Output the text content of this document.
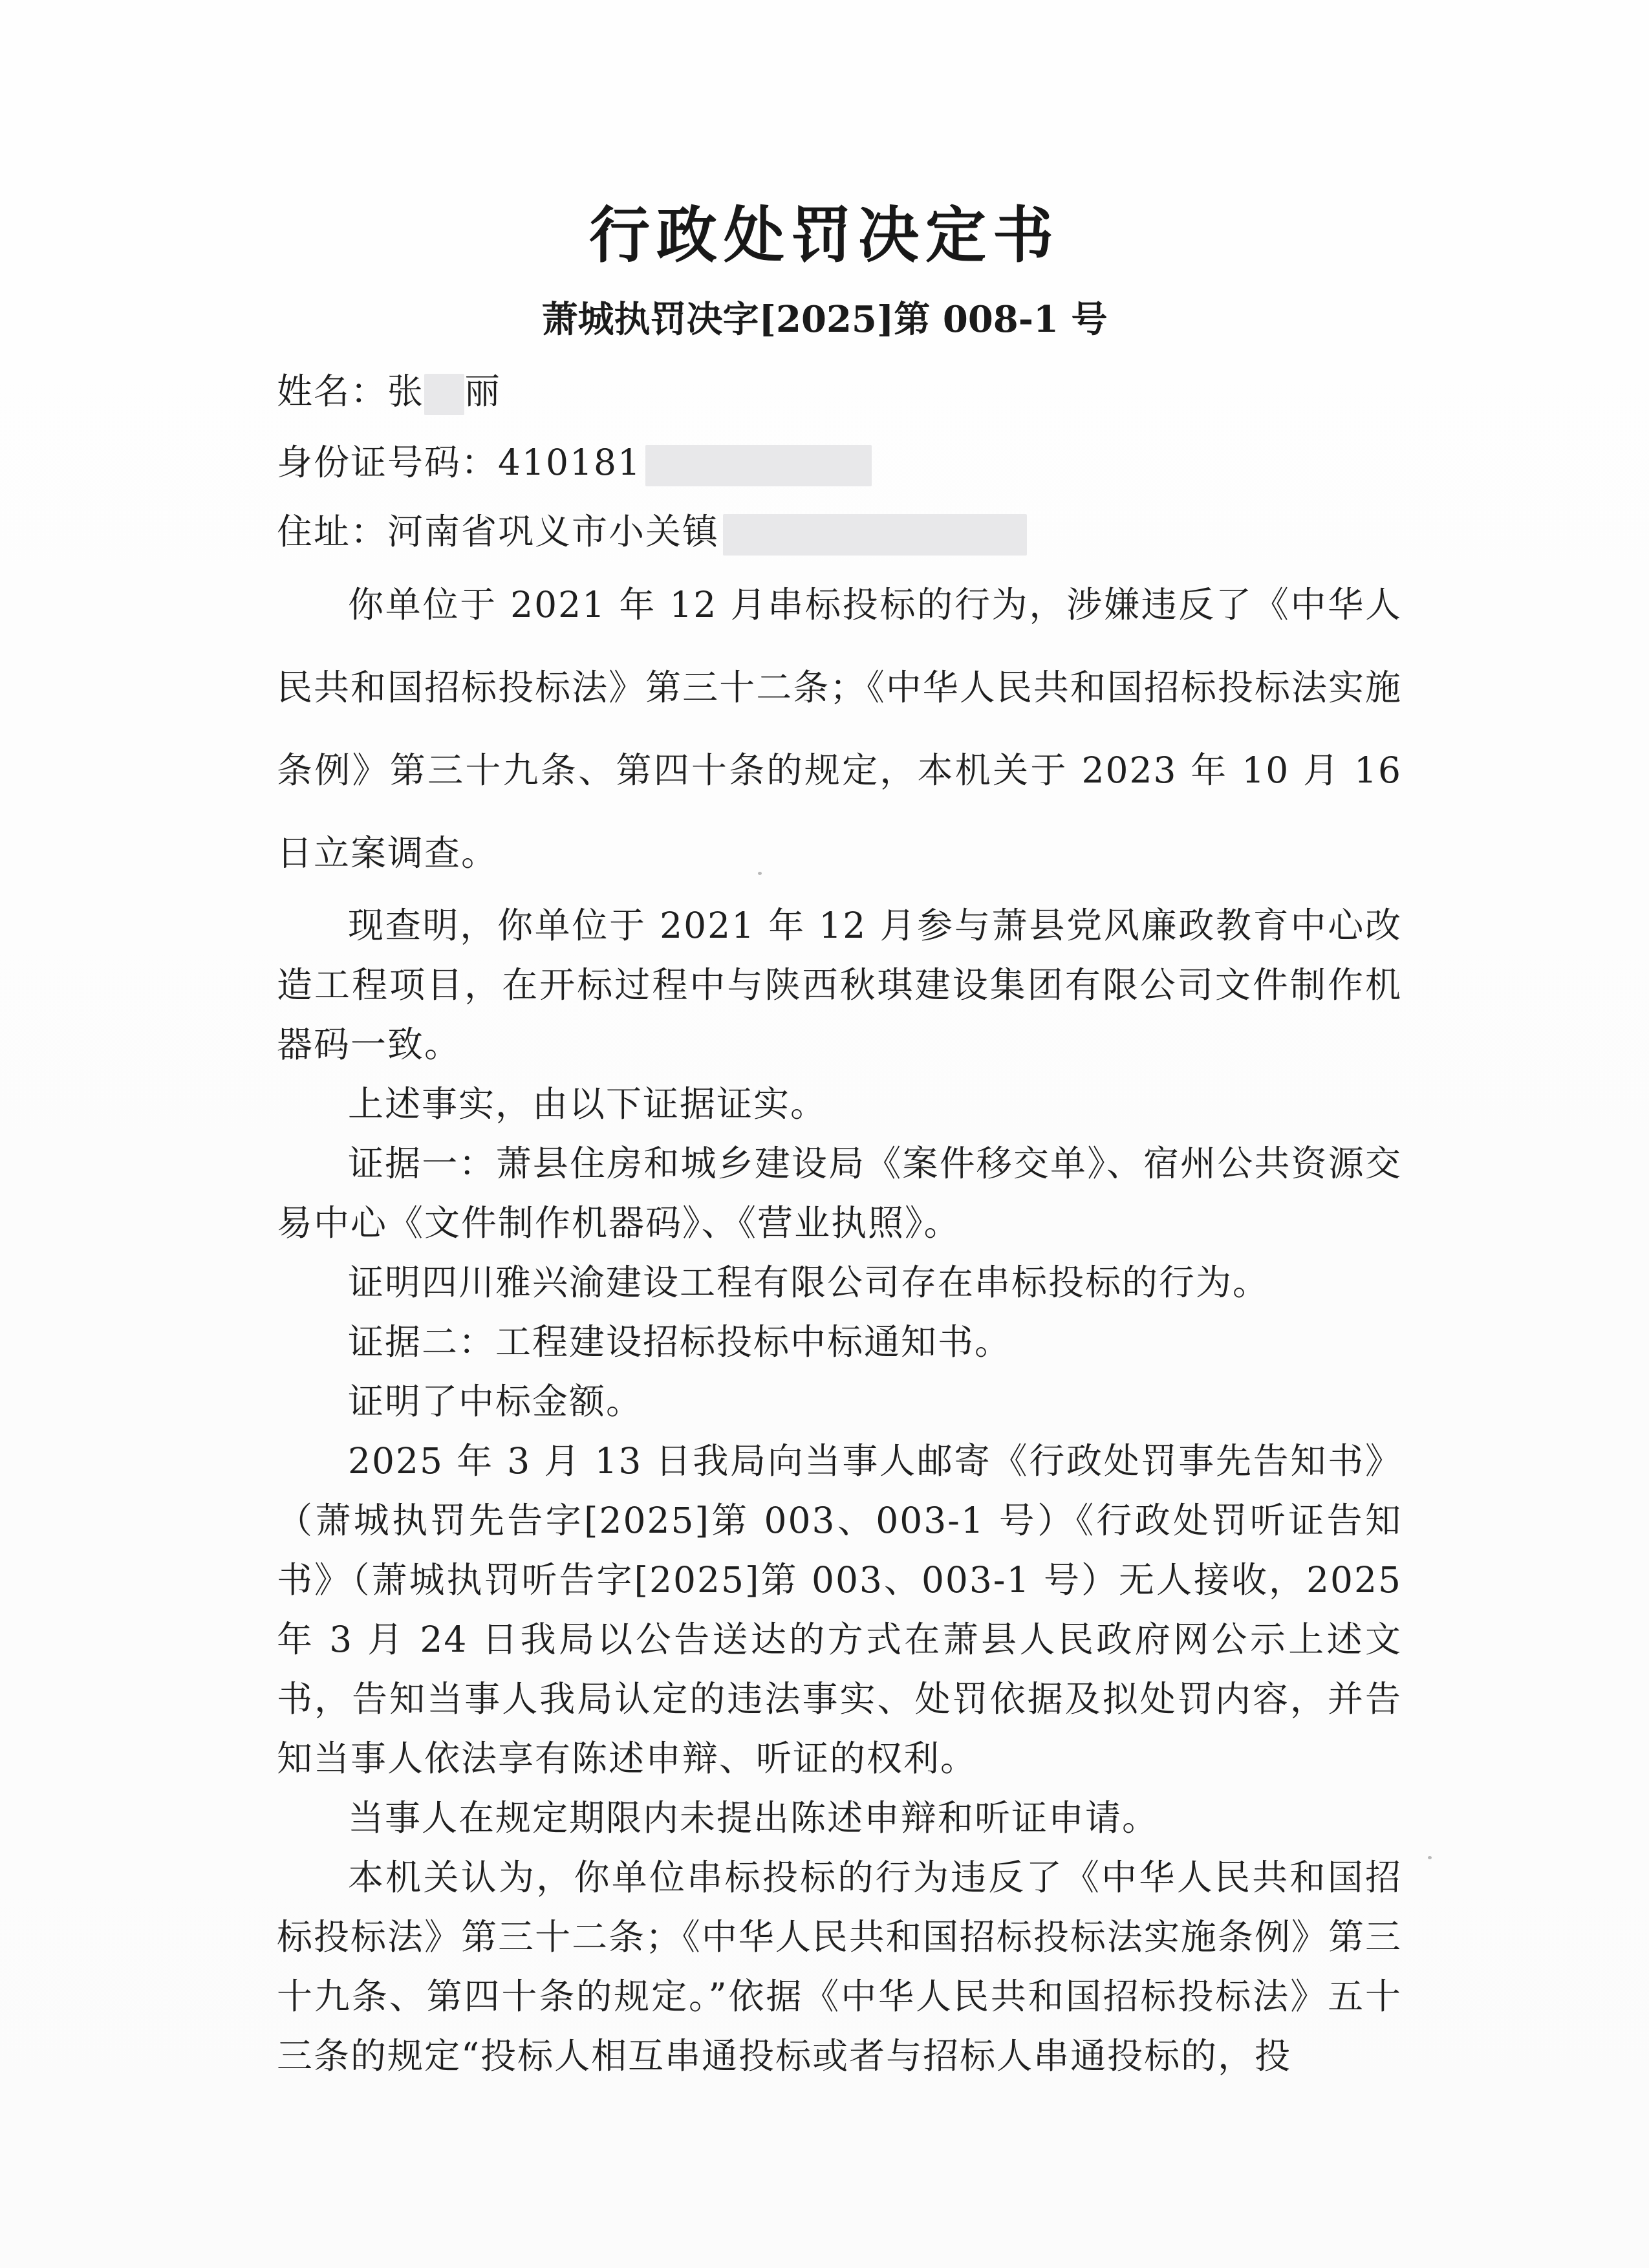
行政处罚决定书
萧城执罚决字[2025]第 008-1 号
姓名：张 丽
身份证号码：410181
住址：河南省巩义市小关镇

你单位于 2021 年 12 月串标投标的行为，涉嫌违反了《中华人民共和国招标投标法》第三十二条；《中华人民共和国招标投标法实施条例》第三十九条、第四十条的规定，本机关于 2023 年 10 月 16 日立案调查。

现查明，你单位于 2021 年 12 月参与萧县党风廉政教育中心改造工程项目，在开标过程中与陕西秋琪建设集团有限公司文件制作机器码一致。

上述事实，由以下证据证实。

证据一：萧县住房和城乡建设局《案件移交单》、宿州公共资源交易中心《文件制作机器码》、《营业执照》。

证明四川雅兴渝建设工程有限公司存在串标投标的行为。

证据二：工程建设招标投标中标通知书。

证明了中标金额。

2025 年 3 月 13 日我局向当事人邮寄《行政处罚事先告知书》（萧城执罚先告字[2025]第 003、003-1 号）《行政处罚听证告知书》（萧城执罚听告字[2025]第 003、003-1 号）无人接收，2025 年 3 月 24 日我局以公告送达的方式在萧县人民政府网公示上述文书，告知当事人我局认定的违法事实、处罚依据及拟处罚内容，并告知当事人依法享有陈述申辩、听证的权利。

当事人在规定期限内未提出陈述申辩和听证申请。

本机关认为，你单位串标投标的行为违反了《中华人民共和国招标投标法》第三十二条；《中华人民共和国招标投标法实施条例》第三十九条、第四十条的规定。”依据《中华人民共和国招标投标法》五十三条的规定“投标人相互串通投标或者与招标人串通投标的，投
